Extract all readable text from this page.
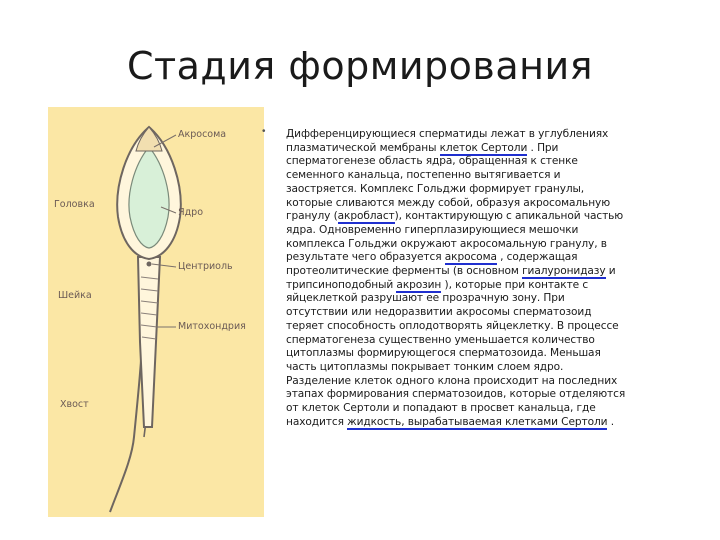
Стадия формирования
Головка
Шейка
Хвост
Акросома
Ядро
Центриоль
Митохондрия
• Дифференцирующиеся сперматиды лежат в углублениях
плазматической мембраны клеток Сертоли . При
сперматогенезе область ядра, обращенная к стенке
семенного канальца, постепенно вытягивается и
заостряется. Комплекс Гольджи формирует гранулы,
которые сливаются между собой, образуя акросомальную
гранулу (акробласт), контактирующую с апикальной частью
ядра. Одновременно гиперплазирующиеся мешочки
комплекса Гольджи окружают акросомальную гранулу, в
результате чего образуется акросома , содержащая
протеолитические ферменты (в основном гиалуронидазу и
трипсиноподобный акрозин ), которые при контакте с
яйцеклеткой разрушают ее прозрачную зону. При
отсутствии или недоразвитии акросомы сперматозоид
теряет способность оплодотворять яйцеклетку. В процессе
сперматогенеза существенно уменьшается количество
цитоплазмы формирующегося сперматозоида. Меньшая
часть цитоплазмы покрывает тонким слоем ядро.
Разделение клеток одного клона происходит на последних
этапах формирования сперматозоидов, которые отделяются
от клеток Сертоли и попадают в просвет канальца, где
находится жидкость, вырабатываемая клетками Сертоли .
